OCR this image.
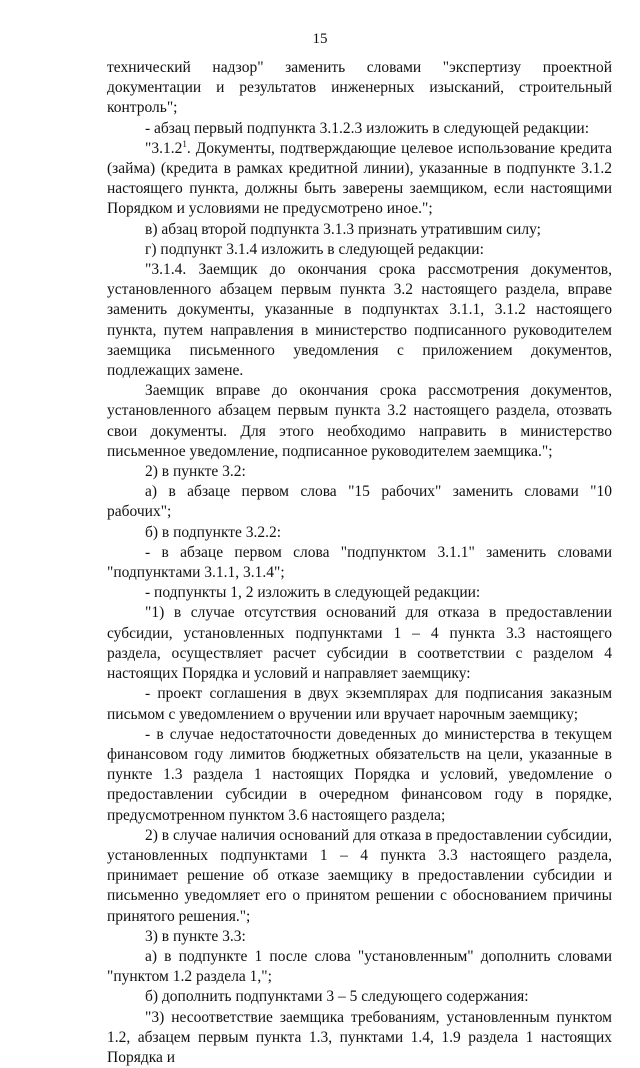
15

технический надзор" заменить словами "экспертизу проектной документации и результатов инженерных изысканий, строительный контроль";

- абзац первый подпункта 3.1.2.3 изложить в следующей редакции:

"3.1.2$^1$. Документы, подтверждающие целевое использование кредита (займа) (кредита в рамках кредитной линии), указанные в подпункте 3.1.2 настоящего пункта, должны быть заверены заемщиком, если настоящими Порядком и условиями не предусмотрено иное.";

в) абзац второй подпункта 3.1.3 признать утратившим силу;

г) подпункт 3.1.4 изложить в следующей редакции:

"3.1.4. Заемщик до окончания срока рассмотрения документов, установленного абзацем первым пункта 3.2 настоящего раздела, вправе заменить документы, указанные в подпунктах 3.1.1, 3.1.2 настоящего пункта, путем направления в министерство подписанного руководителем заемщика письменного уведомления с приложением документов, подлежащих замене.

Заемщик вправе до окончания срока рассмотрения документов, установленного абзацем первым пункта 3.2 настоящего раздела, отозвать свои документы. Для этого необходимо направить в министерство письменное уведомление, подписанное руководителем заемщика.";

2) в пункте 3.2:

а) в абзаце первом слова "15 рабочих" заменить словами "10 рабочих";

б) в подпункте 3.2.2:

- в абзаце первом слова "подпунктом 3.1.1" заменить словами "подпунктами 3.1.1, 3.1.4";

- подпункты 1, 2 изложить в следующей редакции:

"1) в случае отсутствия оснований для отказа в предоставлении субсидии, установленных подпунктами 1 – 4 пункта 3.3 настоящего раздела, осуществляет расчет субсидии в соответствии с разделом 4 настоящих Порядка и условий и направляет заемщику:

- проект соглашения в двух экземплярах для подписания заказным письмом с уведомлением о вручении или вручает нарочным заемщику;

- в случае недостаточности доведенных до министерства в текущем финансовом году лимитов бюджетных обязательств на цели, указанные в пункте 1.3 раздела 1 настоящих Порядка и условий, уведомление о предоставлении субсидии в очередном финансовом году в порядке, предусмотренном пунктом 3.6 настоящего раздела;

2) в случае наличия оснований для отказа в предоставлении субсидии, установленных подпунктами 1 – 4 пункта 3.3 настоящего раздела, принимает решение об отказе заемщику в предоставлении субсидии и письменно уведомляет его о принятом решении с обоснованием причины принятого решения.";

3) в пункте 3.3:

а) в подпункте 1 после слова "установленным" дополнить словами "пунктом 1.2 раздела 1,";

б) дополнить подпунктами 3 – 5 следующего содержания:

"3) несоответствие заемщика требованиям, установленным пунктом 1.2, абзацем первым пункта 1.3, пунктами 1.4, 1.9 раздела 1 настоящих Порядка и
